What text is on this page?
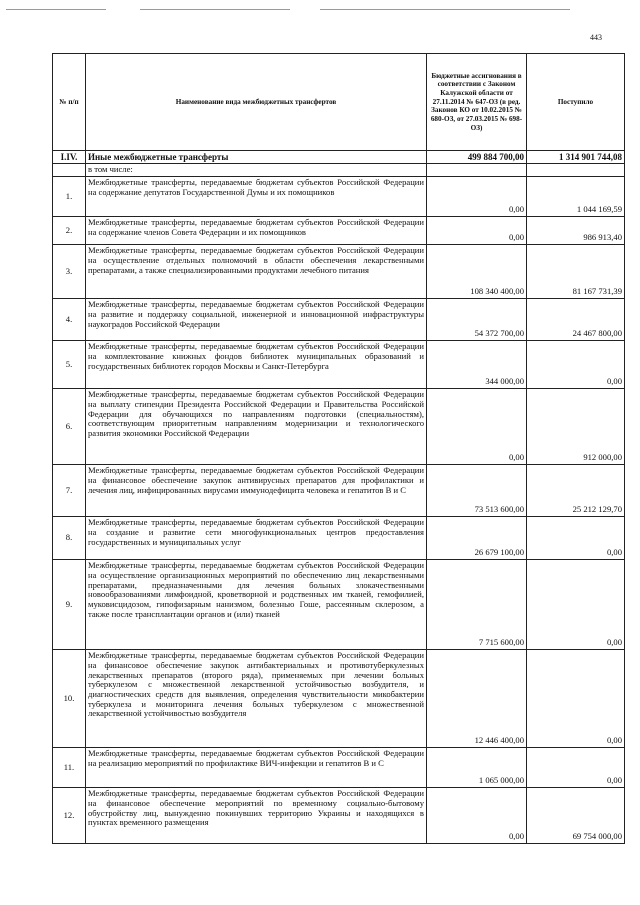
443
№ п/п	Наименование вида межбюджетных трансфертов	Бюджетные ассигнования в соответствии с Законом Калужской области от 27.11.2014 № 647-ОЗ (в ред. Законов КО от 10.02.2015 № 680-ОЗ, от 27.03.2015 № 698-ОЗ)	Поступило
I.IV.	Иные межбюджетные трансферты	499 884 700,00	1 314 901 744,08
	в том числе:		
1.	Межбюджетные трансферты, передаваемые бюджетам субъектов Российской Федерации на содержание депутатов Государственной Думы и их помощников	0,00	1 044 169,59
2.	Межбюджетные трансферты, передаваемые бюджетам субъектов Российской Федерации на содержание членов Совета Федерации и их помощников	0,00	986 913,40
3.	Межбюджетные трансферты, передаваемые бюджетам субъектов Российской Федерации на осуществление отдельных полномочий в области обеспечения лекарственными препаратами, а также специализированными продуктами лечебного питания	108 340 400,00	81 167 731,39
4.	Межбюджетные трансферты, передаваемые бюджетам субъектов Российской Федерации на развитие и поддержку социальной, инженерной и инновационной инфраструктуры наукоградов Российской Федерации	54 372 700,00	24 467 800,00
5.	Межбюджетные трансферты, передаваемые бюджетам субъектов Российской Федерации на комплектование книжных фондов библиотек муниципальных образований и государственных библиотек городов Москвы и Санкт-Петербурга	344 000,00	0,00
6.	Межбюджетные трансферты, передаваемые бюджетам субъектов Российской Федерации на выплату стипендии Президента Российской Федерации и Правительства Российской Федерации для обучающихся по направлениям подготовки (специальностям), соответствующим приоритетным направлениям модернизации и технологического развития экономики Российской Федерации	0,00	912 000,00
7.	Межбюджетные трансферты, передаваемые бюджетам субъектов Российской Федерации на финансовое обеспечение закупок антивирусных препаратов для профилактики и лечения лиц, инфицированных вирусами иммунодефицита человека и гепатитов В и С	73 513 600,00	25 212 129,70
8.	Межбюджетные трансферты, передаваемые бюджетам субъектов Российской Федерации на создание и развитие сети многофункциональных центров предоставления государственных и муниципальных услуг	26 679 100,00	0,00
9.	Межбюджетные трансферты, передаваемые бюджетам субъектов Российской Федерации на осуществление организационных мероприятий по обеспечению лиц лекарственными препаратами, предназначенными для лечения больных злокачественными новообразованиями лимфоидной, кроветворной и родственных им тканей, гемофилией, муковисцидозом, гипофизарным нанизмом, болезнью Гоше, рассеянным склерозом, а также после трансплантации органов и (или) тканей	7 715 600,00	0,00
10.	Межбюджетные трансферты, передаваемые бюджетам субъектов Российской Федерации на финансовое обеспечение закупок антибактериальных и противотуберкулезных лекарственных препаратов (второго ряда), применяемых при лечении больных туберкулезом с множественной лекарственной устойчивостью возбудителя, и диагностических средств для выявления, определения чувствительности микобактерии туберкулеза и мониторинга лечения больных туберкулезом с множественной лекарственной устойчивостью возбудителя	12 446 400,00	0,00
11.	Межбюджетные трансферты, передаваемые бюджетам субъектов Российской Федерации на реализацию мероприятий по профилактике ВИЧ-инфекции и гепатитов В и С	1 065 000,00	0,00
12.	Межбюджетные трансферты, передаваемые бюджетам субъектов Российской Федерации на финансовое обеспечение мероприятий по временному социально-бытовому обустройству лиц, вынужденно покинувших территорию Украины и находящихся в пунктах временного размещения	0,00	69 754 000,00
